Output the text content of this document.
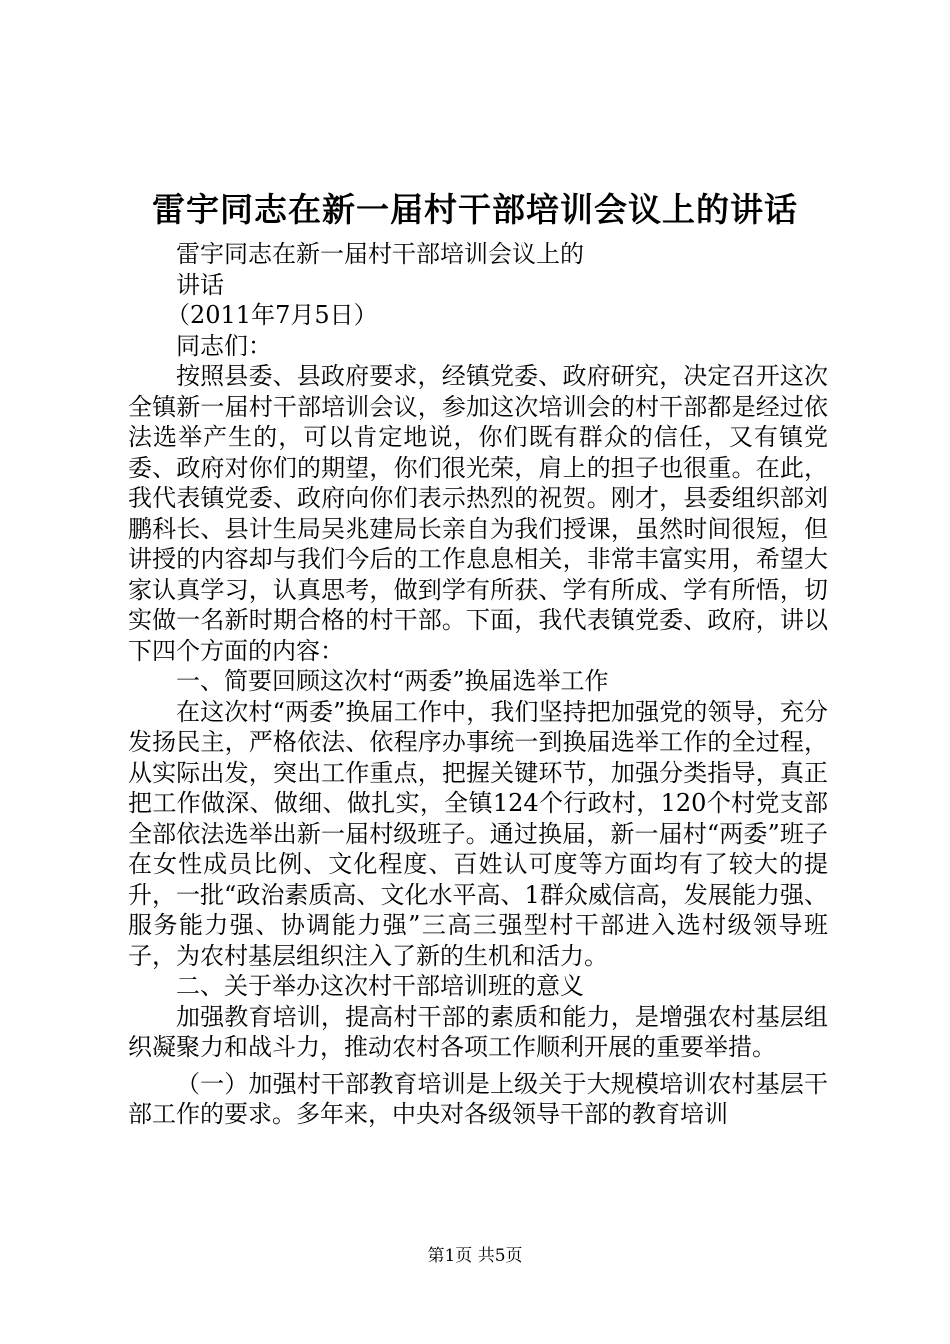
雷宇同志在新一届村干部培训会议上的讲话

雷宇同志在新一届村干部培训会议上的

讲话

（2011年7月5日）

同志们：

按照县委、县政府要求，经镇党委、政府研究，决定召开这次全镇新一届村干部培训会议，参加这次培训会的村干部都是经过依法选举产生的，可以肯定地说，你们既有群众的信任，又有镇党委、政府对你们的期望，你们很光荣，肩上的担子也很重。在此，我代表镇党委、政府向你们表示热烈的祝贺。刚才，县委组织部刘鹏科长、县计生局吴兆建局长亲自为我们授课，虽然时间很短，但讲授的内容却与我们今后的工作息息相关，非常丰富实用，希望大家认真学习，认真思考，做到学有所获、学有所成、学有所悟，切实做一名新时期合格的村干部。下面，我代表镇党委、政府，讲以下四个方面的内容：

一、简要回顾这次村“两委”换届选举工作

在这次村“两委”换届工作中，我们坚持把加强党的领导，充分发扬民主，严格依法、依程序办事统一到换届选举工作的全过程，从实际出发，突出工作重点，把握关键环节，加强分类指导，真正把工作做深、做细、做扎实，全镇124个行政村，120个村党支部全部依法选举出新一届村级班子。通过换届，新一届村“两委”班子在女性成员比例、文化程度、百姓认可度等方面均有了较大的提升，一批“政治素质高、文化水平高、1群众威信高，发展能力强、服务能力强、协调能力强”三高三强型村干部进入选村级领导班子，为农村基层组织注入了新的生机和活力。

二、关于举办这次村干部培训班的意义

加强教育培训，提高村干部的素质和能力，是增强农村基层组织凝聚力和战斗力，推动农村各项工作顺利开展的重要举措。

（一）加强村干部教育培训是上级关于大规模培训农村基层干部工作的要求。多年来，中央对各级领导干部的教育培训

第1页 共5页
